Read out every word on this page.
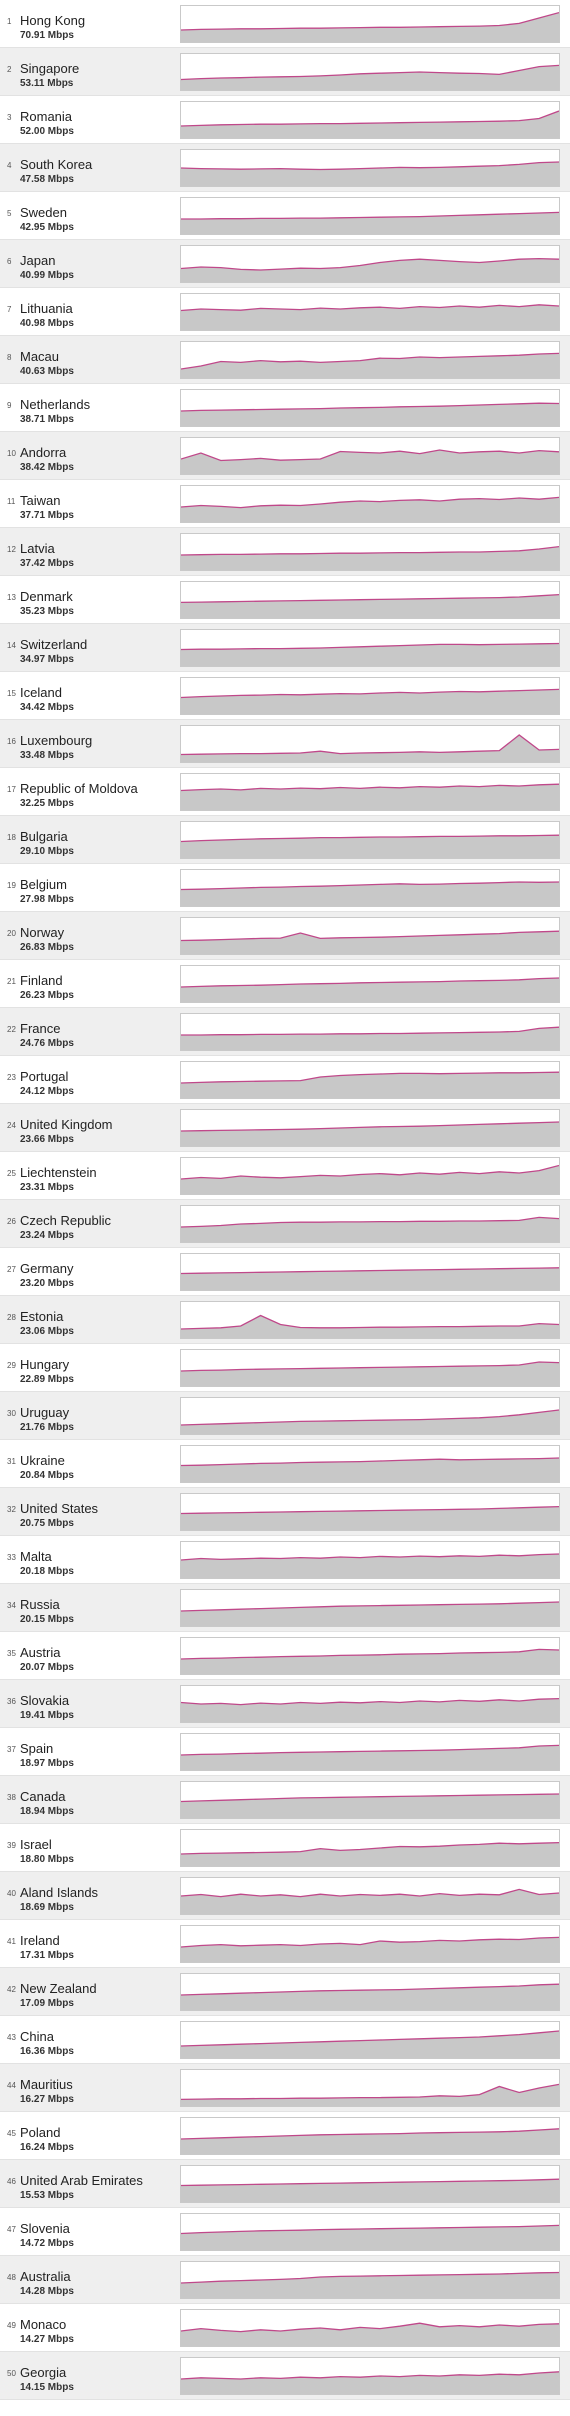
1 Hong Kong
70.91 Mbps
2 Singapore
53.11 Mbps
3 Romania
52.00 Mbps
4 South Korea
47.58 Mbps
5 Sweden
42.95 Mbps
6 Japan
40.99 Mbps
7 Lithuania
40.98 Mbps
8 Macau
40.63 Mbps
9 Netherlands
38.71 Mbps
10 Andorra
38.42 Mbps
11 Taiwan
37.71 Mbps
12 Latvia
37.42 Mbps
13 Denmark
35.23 Mbps
14 Switzerland
34.97 Mbps
15 Iceland
34.42 Mbps
16 Luxembourg
33.48 Mbps
17 Republic of Moldova
32.25 Mbps
18 Bulgaria
29.10 Mbps
19 Belgium
27.98 Mbps
20 Norway
26.83 Mbps
21 Finland
26.23 Mbps
22 France
24.76 Mbps
23 Portugal
24.12 Mbps
24 United Kingdom
23.66 Mbps
25 Liechtenstein
23.31 Mbps
26 Czech Republic
23.24 Mbps
27 Germany
23.20 Mbps
28 Estonia
23.06 Mbps
29 Hungary
22.89 Mbps
30 Uruguay
21.76 Mbps
31 Ukraine
20.84 Mbps
32 United States
20.75 Mbps
33 Malta
20.18 Mbps
34 Russia
20.15 Mbps
35 Austria
20.07 Mbps
36 Slovakia
19.41 Mbps
37 Spain
18.97 Mbps
38 Canada
18.94 Mbps
39 Israel
18.80 Mbps
40 Aland Islands
18.69 Mbps
41 Ireland
17.31 Mbps
42 New Zealand
17.09 Mbps
43 China
16.36 Mbps
44 Mauritius
16.27 Mbps
45 Poland
16.24 Mbps
46 United Arab Emirates
15.53 Mbps
47 Slovenia
14.72 Mbps
48 Australia
14.28 Mbps
49 Monaco
14.27 Mbps
50 Georgia
14.15 Mbps
